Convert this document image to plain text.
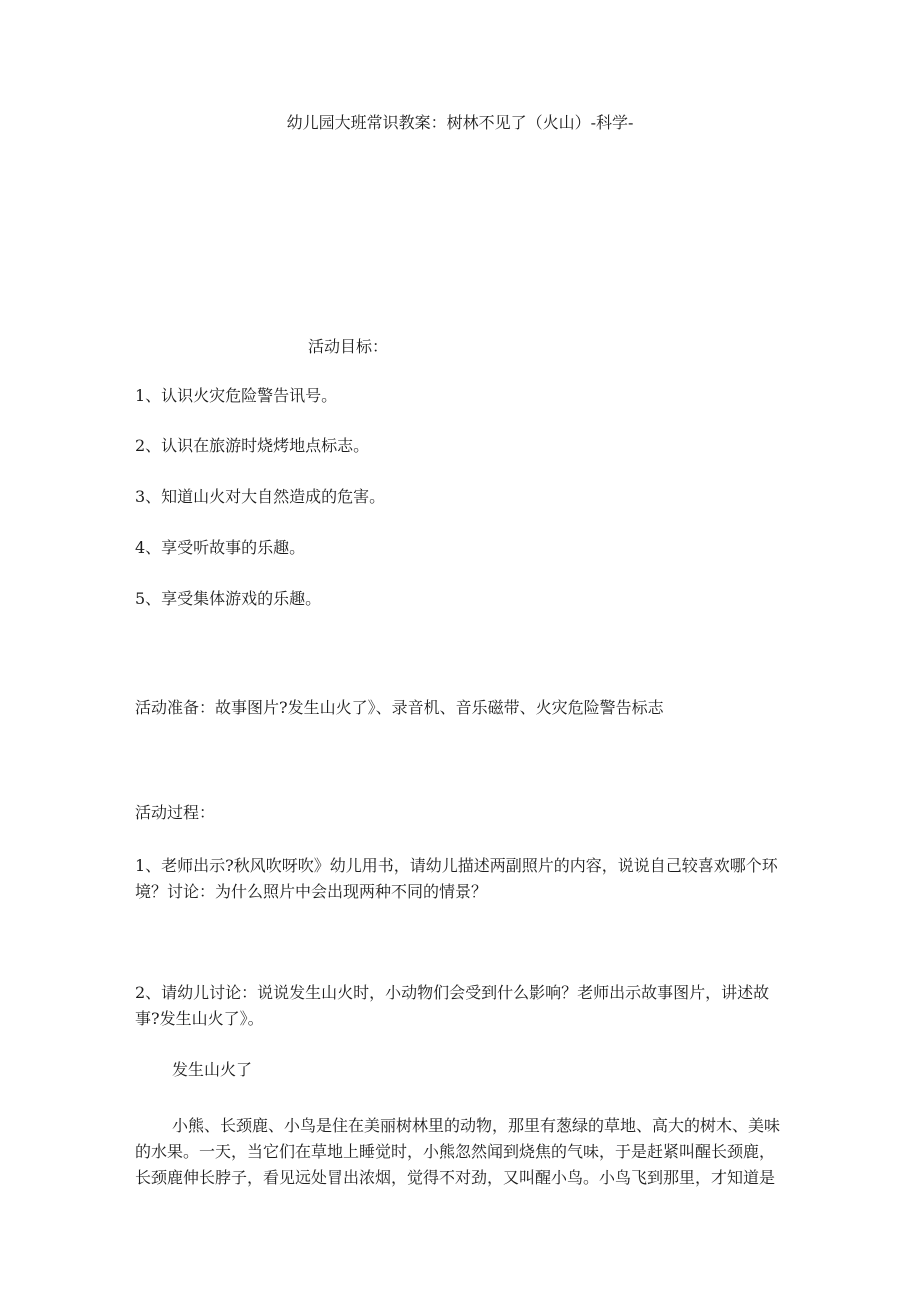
幼儿园大班常识教案：树林不见了（火山）-科学-
活动目标：
1、认识火灾危险警告讯号。
2、认识在旅游时烧烤地点标志。
3、知道山火对大自然造成的危害。
4、享受听故事的乐趣。
5、享受集体游戏的乐趣。
活动准备：故事图片?发生山火了》、录音机、音乐磁带、火灾危险警告标志
活动过程：
1、老师出示?秋风吹呀吹》幼儿用书，请幼儿描述两副照片的内容，说说自己较喜欢哪个环
境？讨论：为什么照片中会出现两种不同的情景？
2、请幼儿讨论：说说发生山火时，小动物们会受到什么影响？老师出示故事图片，讲述故
事?发生山火了》。
发生山火了
小熊、长颈鹿、小鸟是住在美丽树林里的动物，那里有葱绿的草地、高大的树木、美味
的水果。一天，当它们在草地上睡觉时，小熊忽然闻到烧焦的气味，于是赶紧叫醒长颈鹿，
长颈鹿伸长脖子，看见远处冒出浓烟，觉得不对劲，又叫醒小鸟。小鸟飞到那里，才知道是
